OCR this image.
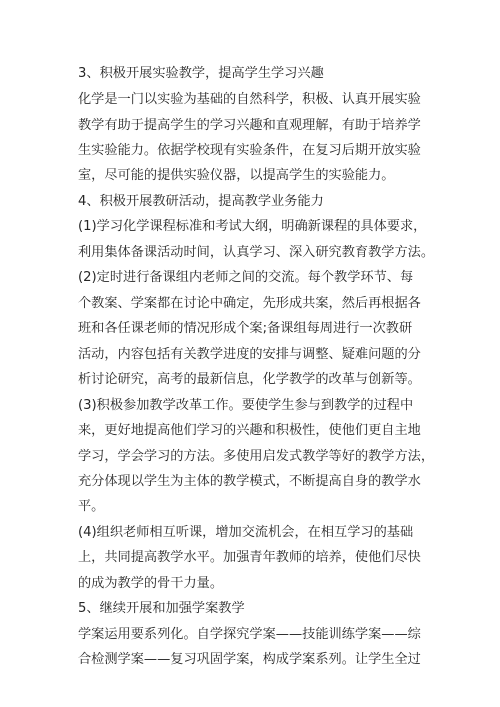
3、积极开展实验教学，提高学生学习兴趣
化学是一门以实验为基础的自然科学，积极、认真开展实验
教学有助于提高学生的学习兴趣和直观理解，有助于培养学
生实验能力。依据学校现有实验条件，在复习后期开放实验
室，尽可能的提供实验仪器，以提高学生的实验能力。
4、积极开展教研活动，提高教学业务能力
(1)学习化学课程标准和考试大纲，明确新课程的具体要求，
利用集体备课活动时间，认真学习、深入研究教育教学方法。
(2)定时进行备课组内老师之间的交流。每个教学环节、每
个教案、学案都在讨论中确定，先形成共案，然后再根据各
班和各任课老师的情况形成个案;备课组每周进行一次教研
活动，内容包括有关教学进度的安排与调整、疑难问题的分
析讨论研究，高考的最新信息，化学教学的改革与创新等。
(3)积极参加教学改革工作。要使学生参与到教学的过程中
来，更好地提高他们学习的兴趣和积极性，使他们更自主地
学习，学会学习的方法。多使用启发式教学等好的教学方法，
充分体现以学生为主体的教学模式，不断提高自身的教学水
平。
(4)组织老师相互听课，增加交流机会，在相互学习的基础
上，共同提高教学水平。加强青年教师的培养，使他们尽快
的成为教学的骨干力量。
5、继续开展和加强学案教学
学案运用要系列化。自学探究学案——技能训练学案——综
合检测学案——复习巩固学案，构成学案系列。让学生全过
